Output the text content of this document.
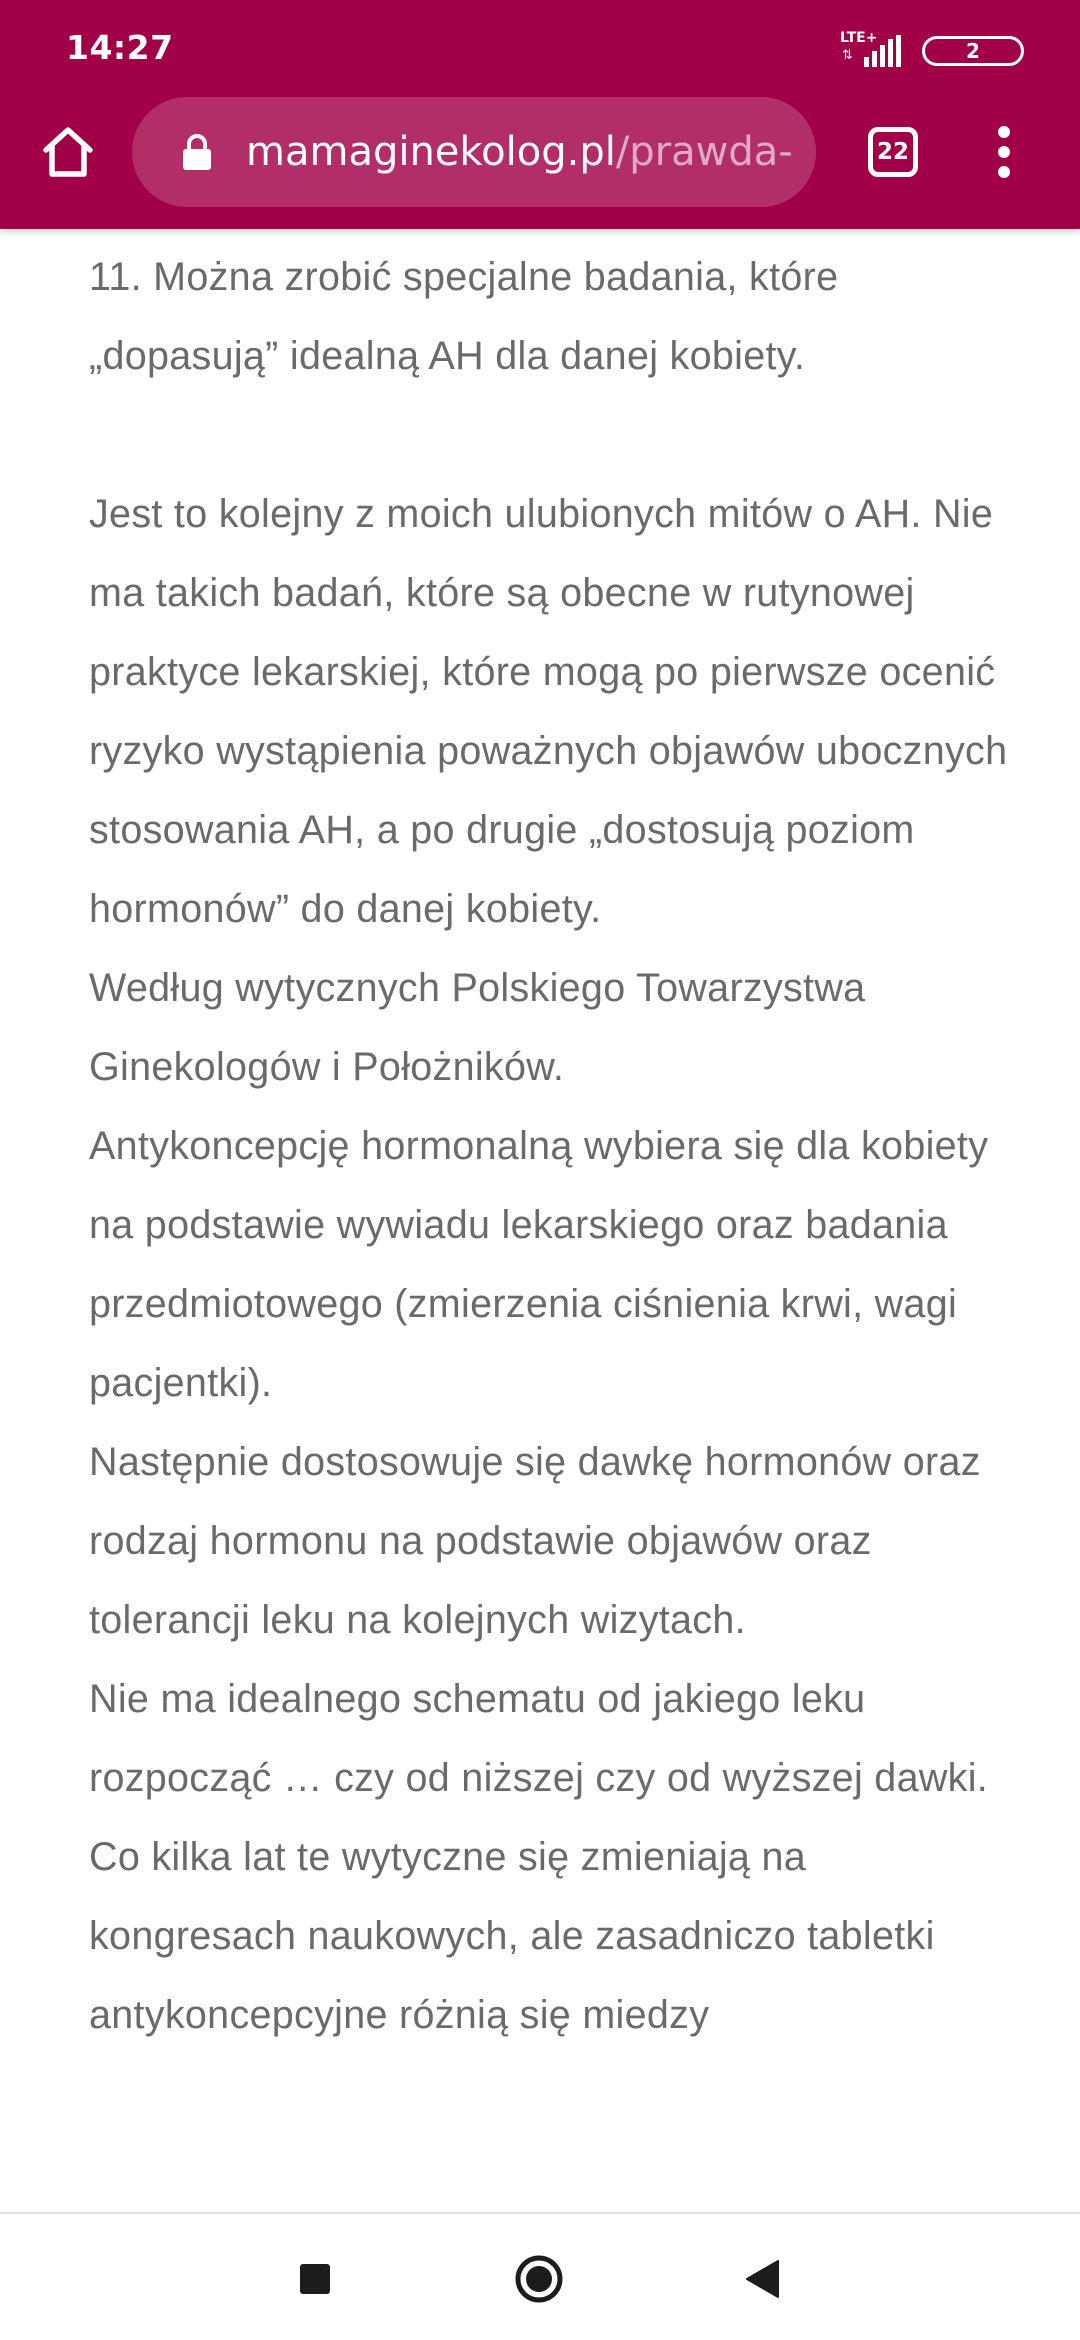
14:27	LTE+
⇅	2
mamaginekolog.pl/prawda-	22

11. Można zrobić specjalne badania, które „dopasują” idealną AH dla danej kobiety.

Jest to kolejny z moich ulubionych mitów o AH. Nie ma takich badań, które są obecne w rutynowej praktyce lekarskiej, które mogą po pierwsze ocenić ryzyko wystąpienia poważnych objawów ubocznych stosowania AH, a po drugie „dostosują poziom hormonów” do danej kobiety.

Według wytycznych Polskiego Towarzystwa Ginekologów i Położników.

Antykoncepcję hormonalną wybiera się dla kobiety na podstawie wywiadu lekarskiego oraz badania przedmiotowego (zmierzenia ciśnienia krwi, wagi pacjentki).

Następnie dostosowuje się dawkę hormonów oraz rodzaj hormonu na podstawie objawów oraz tolerancji leku na kolejnych wizytach.

Nie ma idealnego schematu od jakiego leku rozpocząć … czy od niższej czy od wyższej dawki. Co kilka lat te wytyczne się zmieniają na kongresach naukowych, ale zasadniczo tabletki antykoncepcyjne różnią się miedzy
